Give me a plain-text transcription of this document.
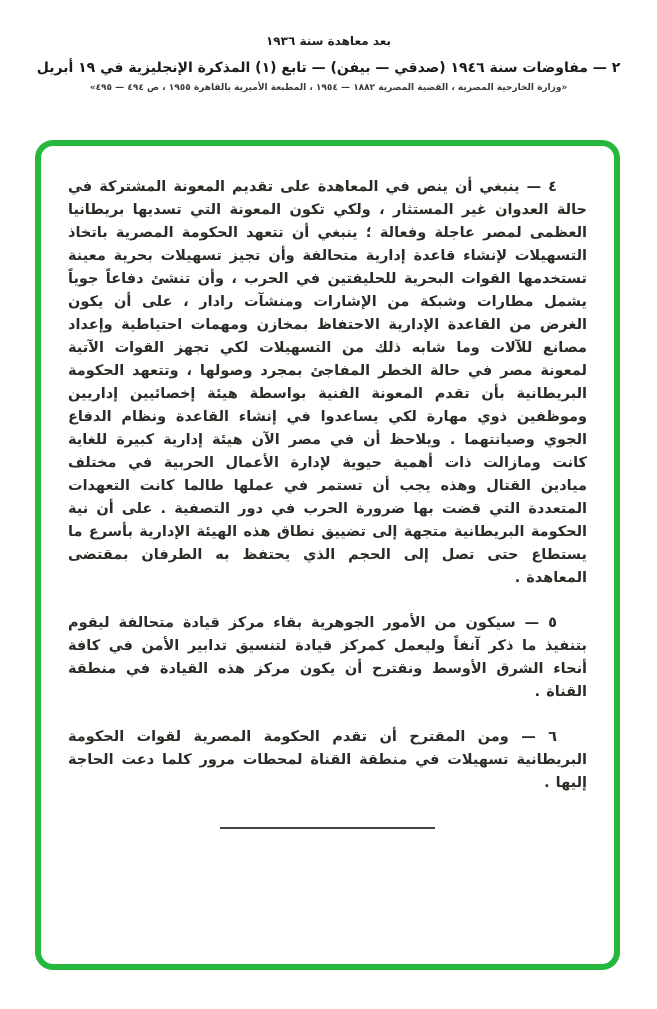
بعد معاهدة سنة ١٩٣٦
٢ — مفاوضات سنة ١٩٤٦ (صدقي — بيفن) — تابع (١) المذكرة الإنجليزية في ١٩ أبريل
«وزارة الخارجية المصرية ، القضية المصرية ١٨٨٢ — ١٩٥٤ ، المطبعة الأميرية بالقاهرة ١٩٥٥ ، ص ٤٩٤ — ٤٩٥»

٤ — ينبغي أن ينص في المعاهدة على تقديم المعونة المشتركة في حالة العدوان غير المستثار ، ولكي تكون المعونة التي تسديها بريطانيا العظمى لمصر عاجلة وفعالة ؛ ينبغي أن تتعهد الحكومة المصرية باتخاذ التسهيلات لإنشاء قاعدة إدارية متحالفة وأن تجيز تسهيلات بحرية معينة تستخدمها القوات البحرية للحليفتين في الحرب ، وأن تنشئ دفاعاً جوياً يشمل مطارات وشبكة من الإشارات ومنشآت رادار ، على أن يكون الغرض من القاعدة الإدارية الاحتفاظ بمخازن ومهمات احتياطية وإعداد مصانع للآلات وما شابه ذلك من التسهيلات لكي تجهز القوات الآتية لمعونة مصر في حالة الخطر المفاجئ بمجرد وصولها ، وتتعهد الحكومة البريطانية بأن تقدم المعونة الفنية بواسطة هيئة إخصائيين إداريين وموظفين ذوي مهارة لكي يساعدوا في إنشاء القاعدة ونظام الدفاع الجوي وصيانتهما . ويلاحظ أن في مصر الآن هيئة إدارية كبيرة للغاية كانت ومازالت ذات أهمية حيوية لإدارة الأعمال الحربية في مختلف ميادين القتال وهذه يجب أن تستمر في عملها طالما كانت التعهدات المتعددة التي قضت بها ضرورة الحرب في دور التصفية . على أن نية الحكومة البريطانية متجهة إلى تضييق نطاق هذه الهيئة الإدارية بأسرع ما يستطاع حتى تصل إلى الحجم الذي يحتفظ به الطرفان بمقتضى المعاهدة .

٥ — سيكون من الأمور الجوهرية بقاء مركز قيادة متحالفة ليقوم بتنفيذ ما ذكر آنفاً وليعمل كمركز قيادة لتنسيق تدابير الأمن في كافة أنحاء الشرق الأوسط ونقترح أن يكون مركز هذه القيادة في منطقة القناة .

٦ — ومن المقترح أن تقدم الحكومة المصرية لقوات الحكومة البريطانية تسهيلات في منطقة القناة لمحطات مرور كلما دعت الحاجة إليها .
